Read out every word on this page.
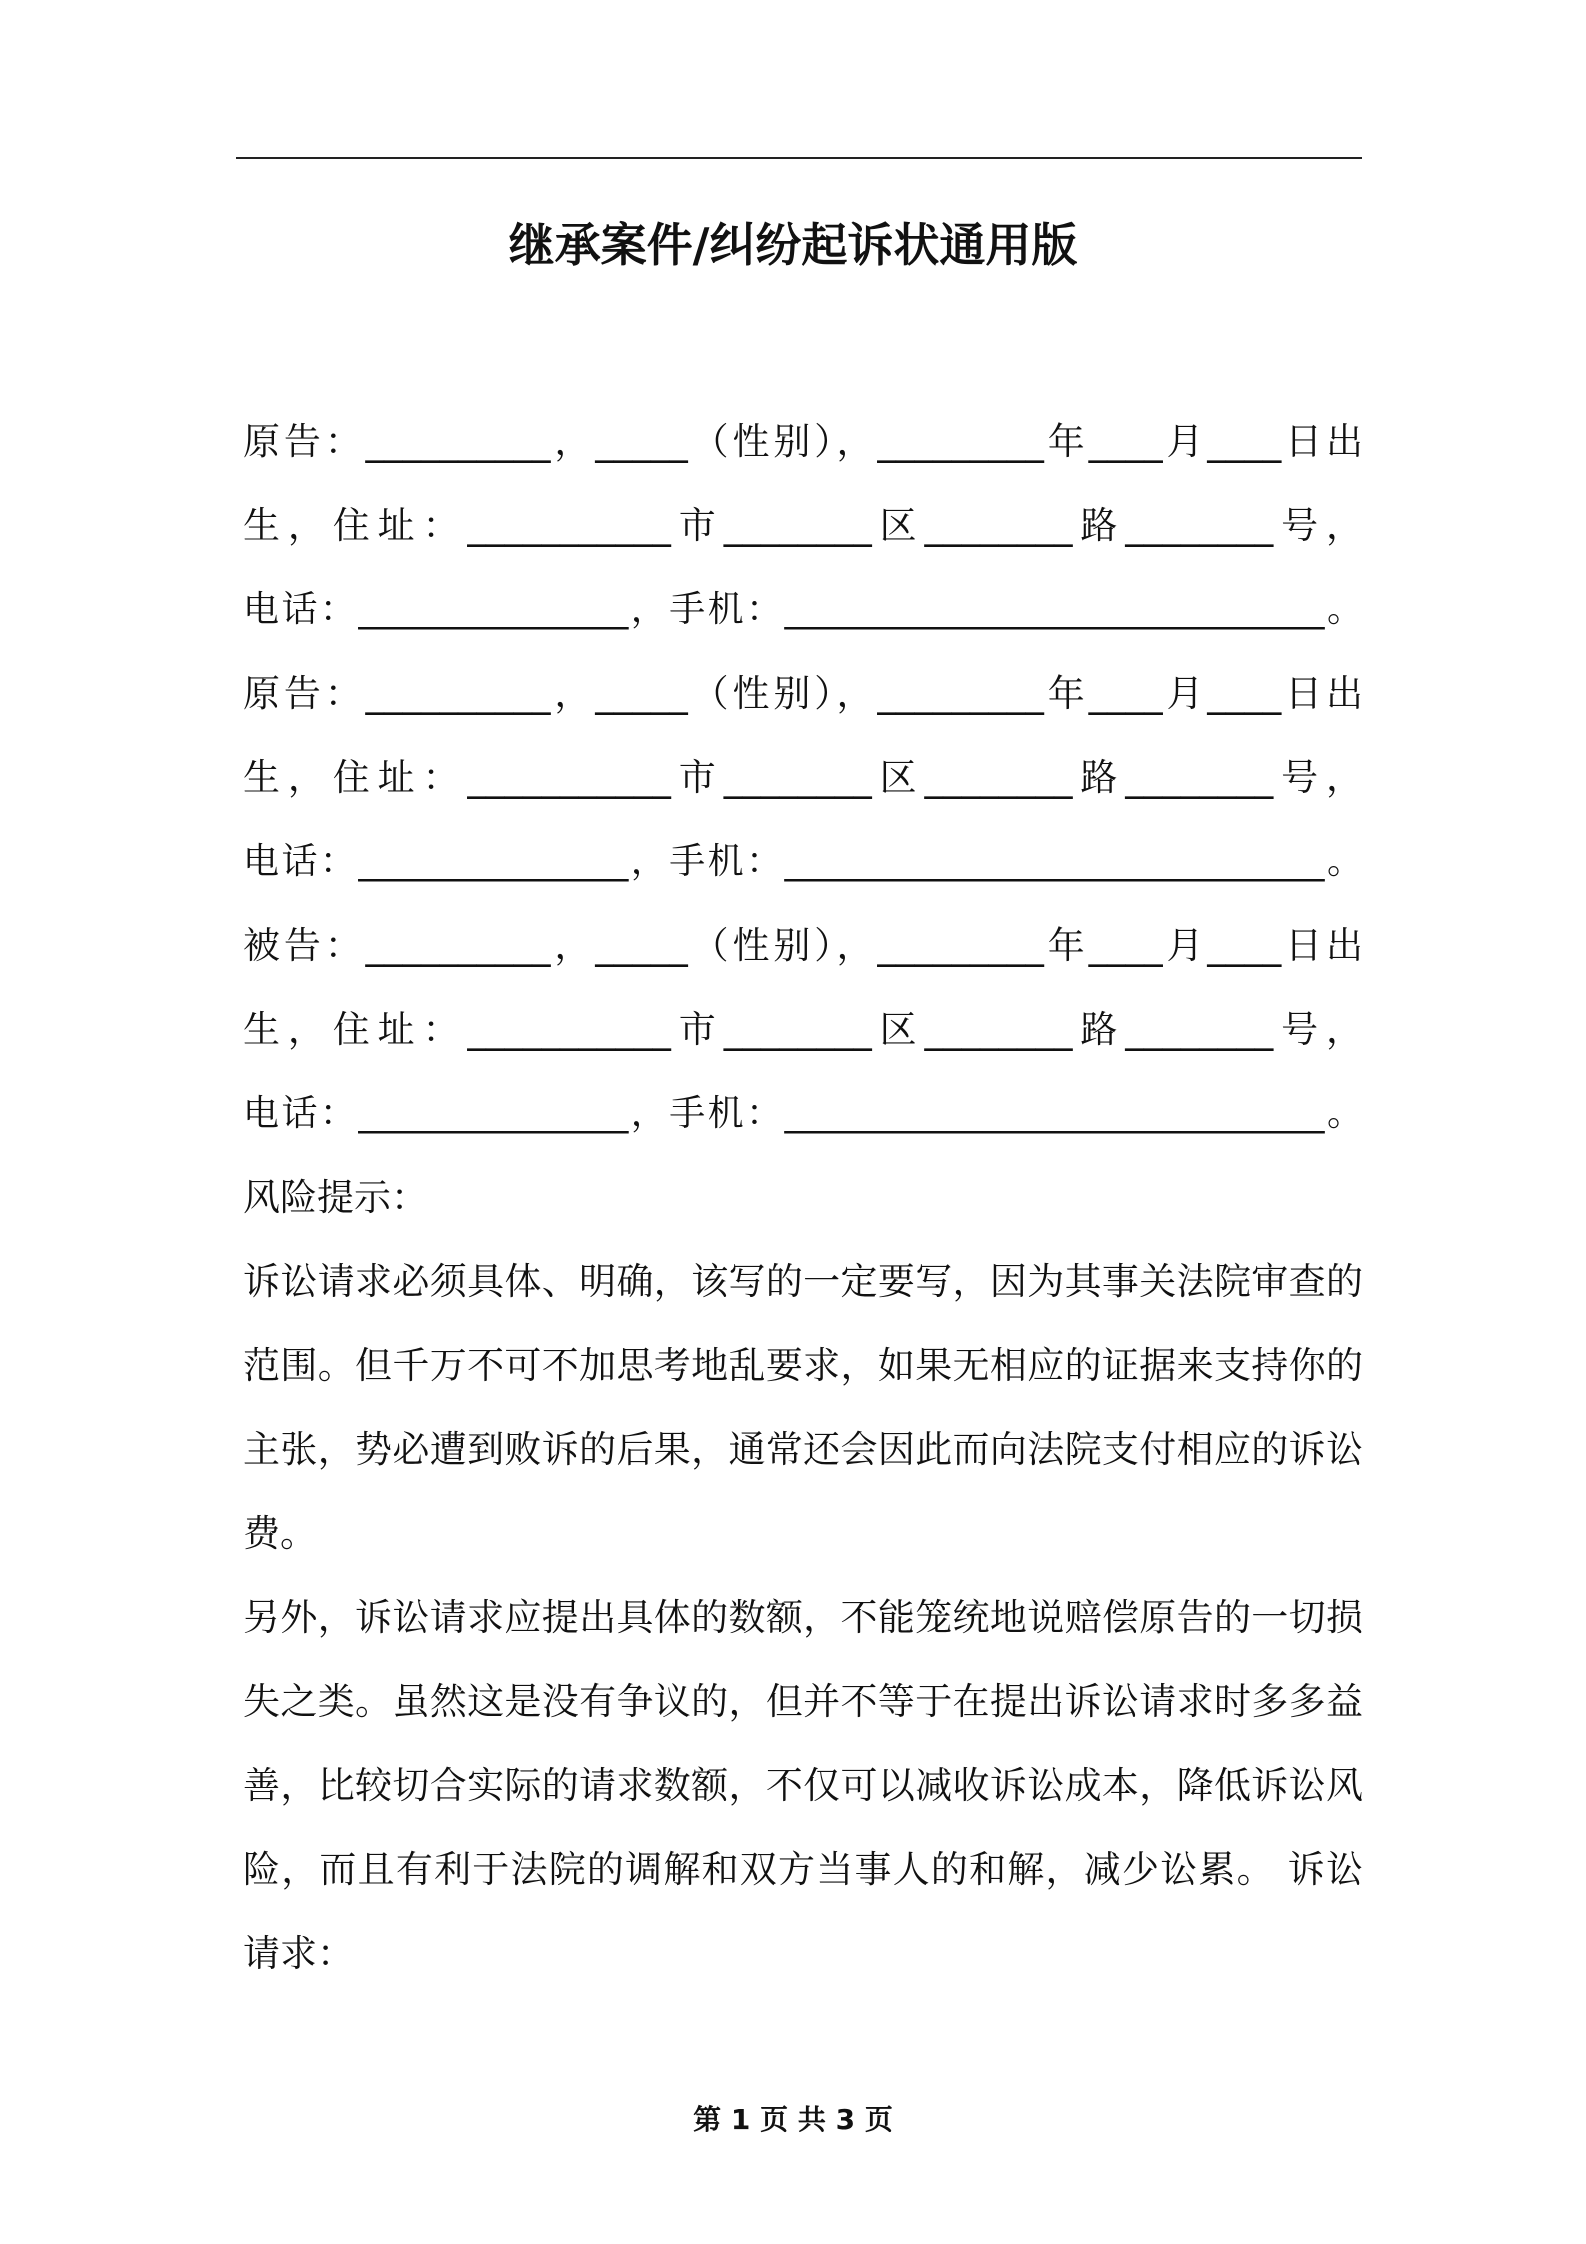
继承案件/纠纷起诉状通用版

原告：__________，_____（性别），_________年____月____日出

生，住址：___________市________区________路________号，

电话：_______________，手机：______________________________。

原告：__________，_____（性别），_________年____月____日出

生，住址：___________市________区________路________号，

电话：_______________，手机：______________________________。

被告：__________，_____（性别），_________年____月____日出

生，住址：___________市________区________路________号，

电话：_______________，手机：______________________________。

风险提示：

诉讼请求必须具体、明确，该写的一定要写，因为其事关法院审查的

范围。但千万不可不加思考地乱要求，如果无相应的证据来支持你的

主张，势必遭到败诉的后果，通常还会因此而向法院支付相应的诉讼

费。

另外，诉讼请求应提出具体的数额，不能笼统地说赔偿原告的一切损

失之类。虽然这是没有争议的，但并不等于在提出诉讼请求时多多益

善，比较切合实际的请求数额，不仅可以减收诉讼成本，降低诉讼风

险，而且有利于法院的调解和双方当事人的和解，减少讼累。 诉讼

请求：

第 1 页 共 3 页
